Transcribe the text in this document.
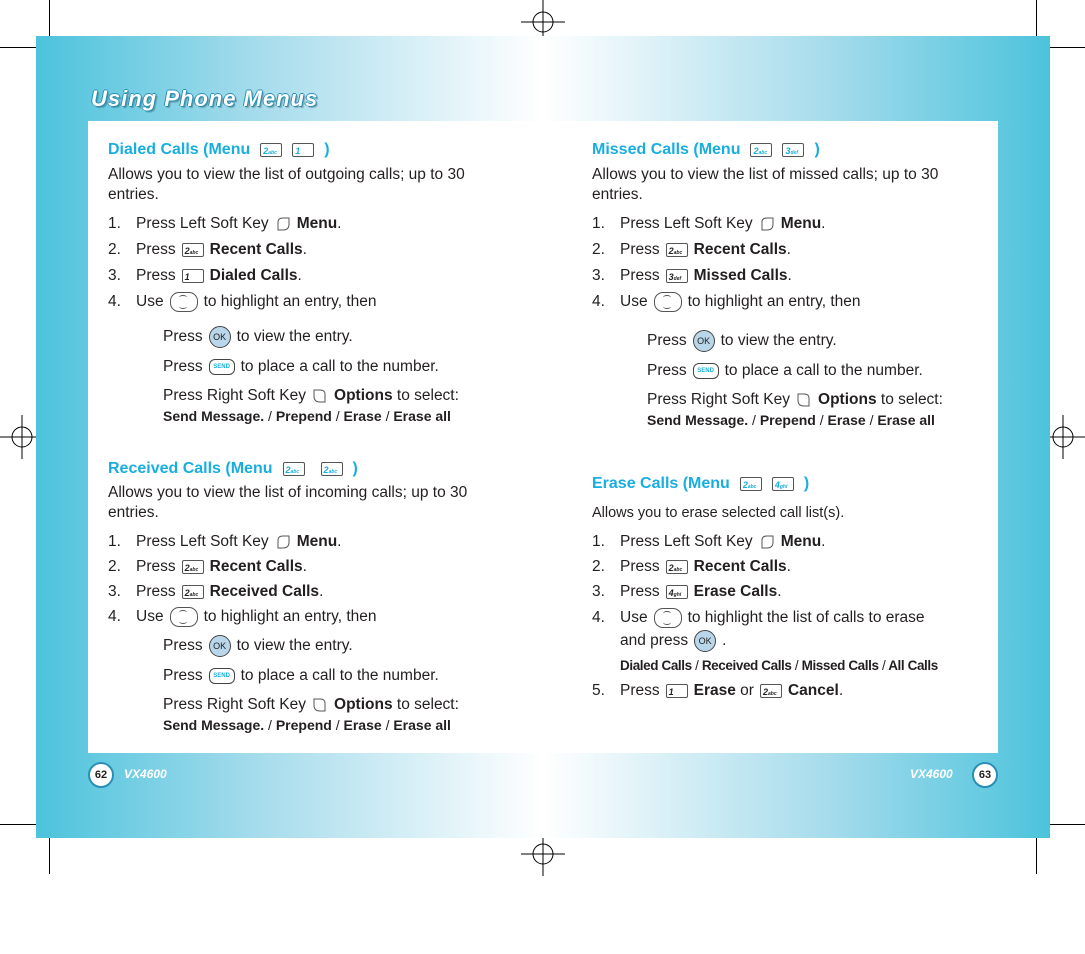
Using Phone Menus
Dialed Calls (Menu	2abc	1	)

Allows you to view the list of outgoing calls; up to 30 entries.

1. Press Left Soft Key Menu .
2. Press	2abc Recent Calls .
3. Press	1	Dialed Calls .
4. Use	to highlight an entry, then
Press	OK to view the entry.
Press	SEND to place a call to the number.
Press Right Soft Key Options
to select:
Send Message. / Prepend / Erase / Erase all
Received Calls (Menu	2abc	2abc )

Allows you to view the list of incoming calls; up to 30 entries.

1. Press Left Soft Key Menu .
2. Press	2abc Recent Calls .
3. Press	2abc Received Calls .
4. Use	to highlight an entry, then
Press	OK to view the entry.
Press	SEND to place a call to the number.
Press Right Soft Key Options
to select:
Send Message. / Prepend / Erase / Erase all
Missed Calls (Menu	2abc	3def	)

Allows you to view the list of missed calls; up to 30 entries.

1. Press Left Soft Key Menu .
2. Press	2abc Recent Calls .
3. Press	3def Missed Calls .
4. Use	to highlight an entry, then
Press	OK to view the entry.
Press	SEND to place a call to the number.
Press Right Soft Key Options
to select:
Send Message. / Prepend / Erase / Erase all
Erase Calls (Menu	2abc	4ghi	)

Allows you to erase selected call list(s).

1. Press Left Soft Key Menu .
2. Press	2abc Recent Calls .
3. Press	4ghi Erase Calls .
4. Use	to highlight the list of calls to erase
and press	OK .
Dialed Calls / Received Calls / Missed Calls / All Calls
5. Press	1	Erase
or	2abc Cancel .
62	VX4600	VX4600	63
